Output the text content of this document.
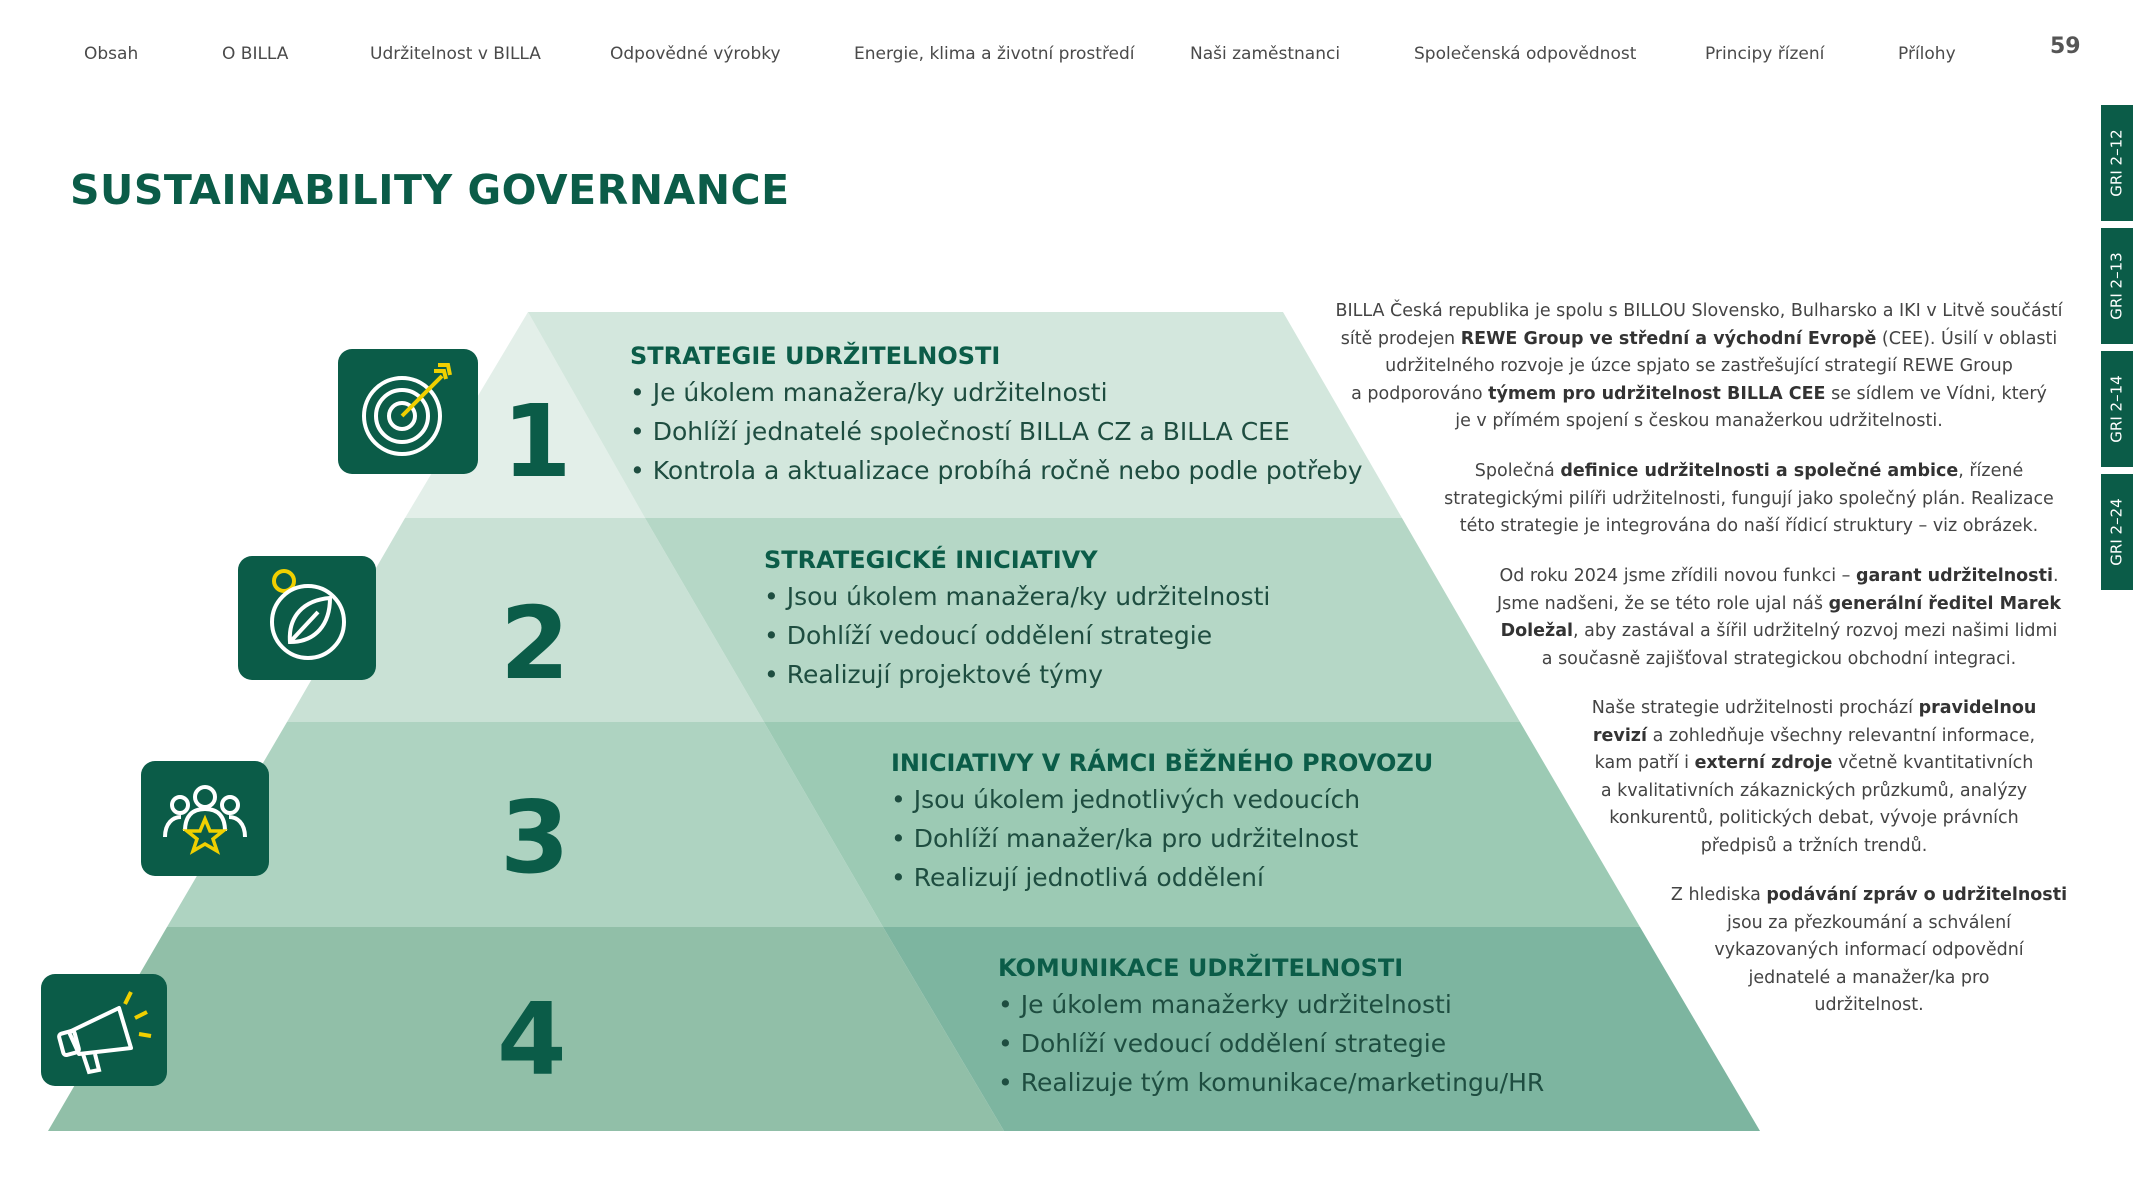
Obsah	O BILLA	Udržitelnost v BILLA	Odpovědné výrobky	Energie, klima a životní prostředí	Naši zaměstnanci	Společenská odpovědnost	Principy řízení	Přílohy	59
GRI 2–12
GRI 2–13
GRI 2–14
GRI 2–24
SUSTAINABILITY GOVERNANCE
1
2
3
4
STRATEGIE UDRŽITELNOSTI
• Je úkolem manažera/ky udržitelnosti
• Dohlíží jednatelé společností BILLA CZ a BILLA CEE
• Kontrola a aktualizace probíhá ročně nebo podle potřeby
STRATEGICKÉ INICIATIVY
• Jsou úkolem manažera/ky udržitelnosti
• Dohlíží vedoucí oddělení strategie
• Realizují projektové týmy
INICIATIVY V RÁMCI BĚŽNÉHO PROVOZU
• Jsou úkolem jednotlivých vedoucích
• Dohlíží manažer/ka pro udržitelnost
• Realizují jednotlivá oddělení
KOMUNIKACE UDRŽITELNOSTI
• Je úkolem manažerky udržitelnosti
• Dohlíží vedoucí oddělení strategie
• Realizuje tým komunikace/marketingu/HR
BILLA Česká republika je spolu s BILLOU Slovensko, Bulharsko a IKI v Litvě součástí
sítě prodejen REWE Group ve střední a východní Evropě (CEE). Úsilí v oblasti
udržitelného rozvoje je úzce spjato se zastřešující strategií REWE Group
a podporováno týmem pro udržitelnost BILLA CEE se sídlem ve Vídni, který
je v přímém spojení s českou manažerkou udržitelnosti.
Společná definice udržitelnosti a společné ambice, řízené
strategickými pilíři udržitelnosti, fungují jako společný plán. Realizace
této strategie je integrována do naší řídicí struktury – viz obrázek.
Od roku 2024 jsme zřídili novou funkci – garant udržitelnosti.
Jsme nadšeni, že se této role ujal náš generální ředitel Marek
Doležal, aby zastával a šířil udržitelný rozvoj mezi našimi lidmi
a současně zajišťoval strategickou obchodní integraci.
Naše strategie udržitelnosti prochází pravidelnou
revizí a zohledňuje všechny relevantní informace,
kam patří i externí zdroje včetně kvantitativních
a kvalitativních zákaznických průzkumů, analýzy
konkurentů, politických debat, vývoje právních
předpisů a tržních trendů.
Z hlediska podávání zpráv o udržitelnosti
jsou za přezkoumání a schválení
vykazovaných informací odpovědní
jednatelé a manažer/ka pro
udržitelnost.
